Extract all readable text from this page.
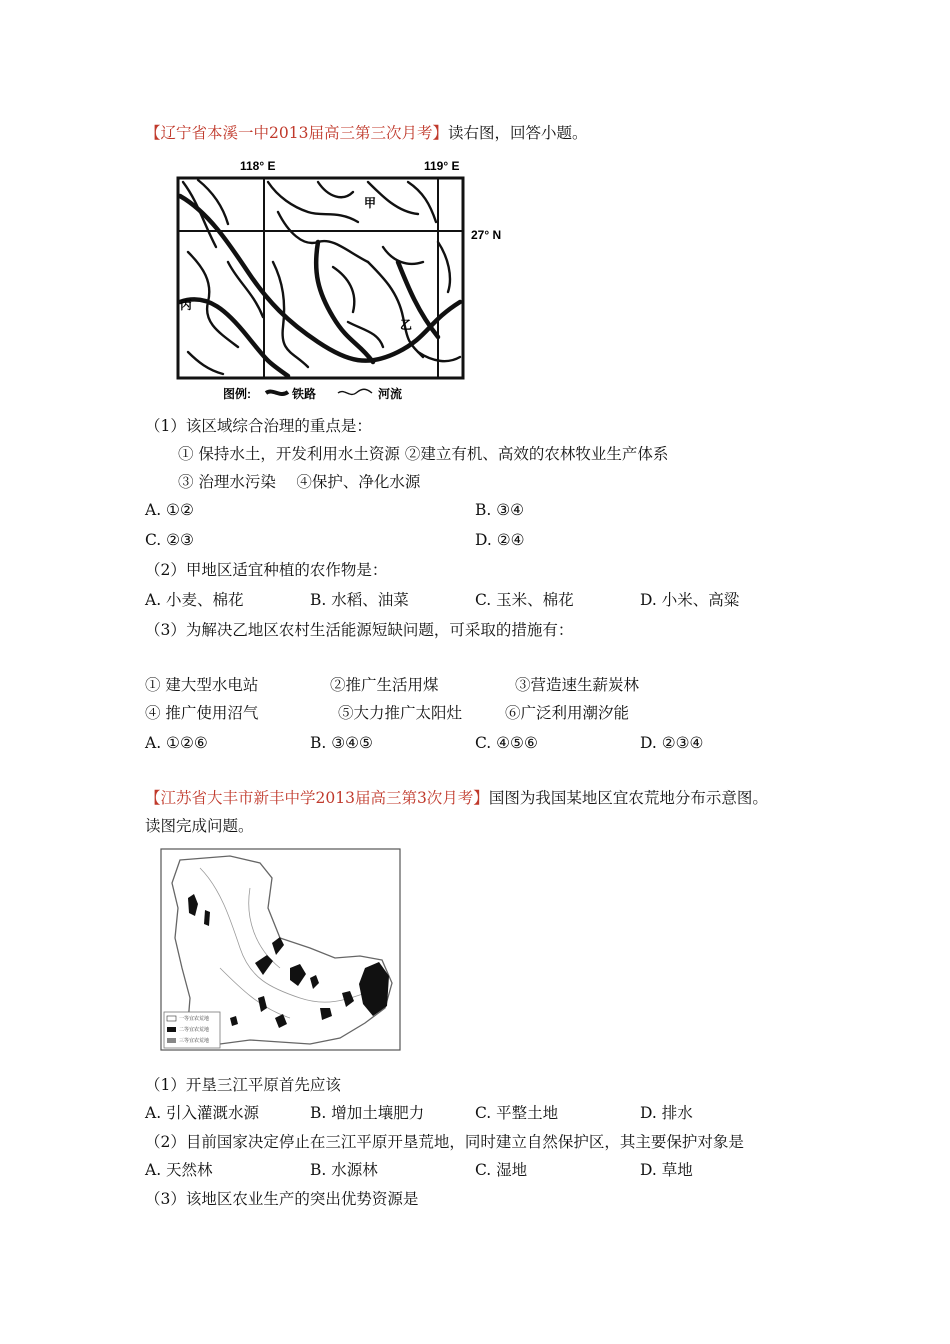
【辽宁省本溪一中2013届高三第三次月考】读右图，回答小题。
118° E	119° E
27° N
甲
乙
丙
图例:	铁路	河流
（1）该区域综合治理的重点是：
① 保持水土，开发利用水土资源 ②建立有机、高效的农林牧业生产体系
③ 治理水污染　 ④保护、净化水源
A. ①②	B. ③④
C. ②③	D. ②④
（2）甲地区适宜种植的农作物是：
A. 小麦、棉花	B. 水稻、油菜	C. 玉米、棉花	D. 小米、高粱
（3）为解决乙地区农村生活能源短缺问题，可采取的措施有：
① 建大型水电站	②推广生活用煤	③营造速生薪炭林
④ 推广使用沼气	⑤大力推广太阳灶	⑥广泛利用潮汐能
A. ①②⑥	B. ③④⑤	C. ④⑤⑥	D. ②③④
【江苏省大丰市新丰中学2013届高三第3次月考】国图为我国某地区宜农荒地分布示意图。
读图完成问题。
一等宜农荒地
二等宜农荒地
三等宜农荒地
（1）开垦三江平原首先应该
A. 引入灌溉水源	B. 增加土壤肥力	C. 平整土地	D. 排水
（2）目前国家决定停止在三江平原开垦荒地，同时建立自然保护区，其主要保护对象是
A. 天然林	B. 水源林	C. 湿地	D. 草地
（3）该地区农业生产的突出优势资源是
